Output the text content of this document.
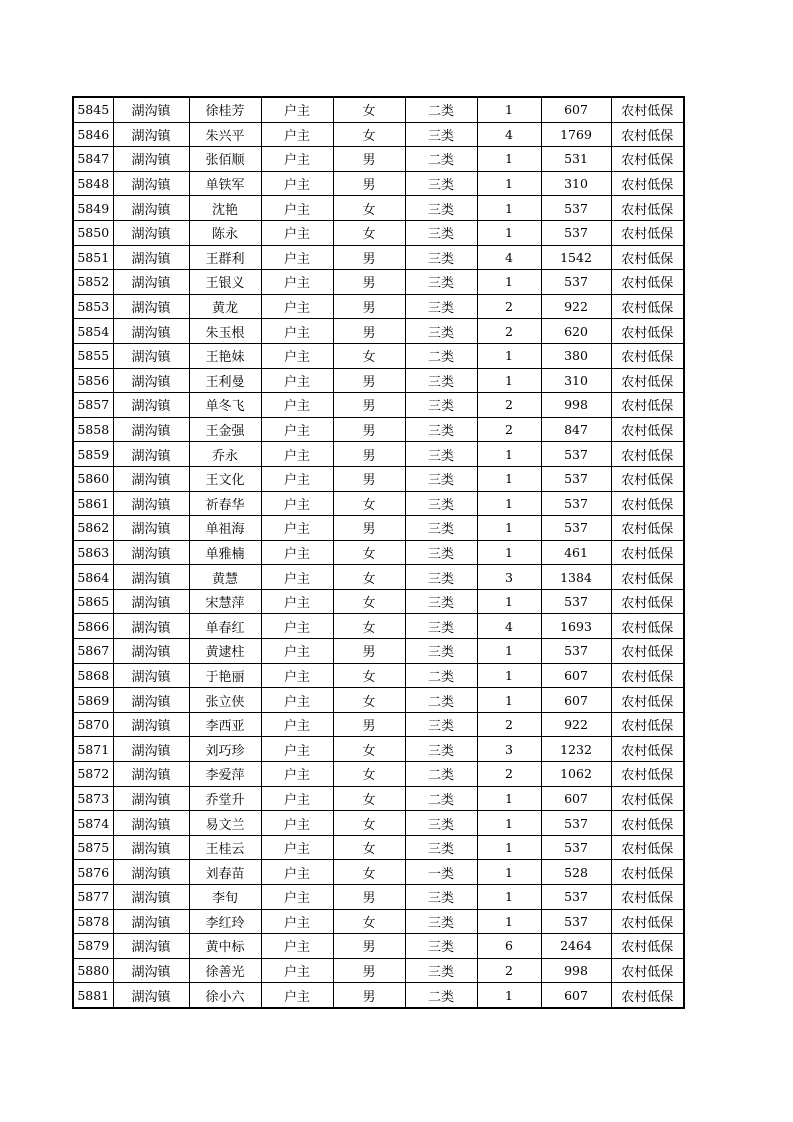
5845	湖沟镇	徐桂芳	户主	女	二类	1	607	农村低保
5846	湖沟镇	朱兴平	户主	女	三类	4	1769	农村低保
5847	湖沟镇	张佰顺	户主	男	二类	1	531	农村低保
5848	湖沟镇	单铁军	户主	男	三类	1	310	农村低保
5849	湖沟镇	沈艳	户主	女	三类	1	537	农村低保
5850	湖沟镇	陈永	户主	女	三类	1	537	农村低保
5851	湖沟镇	王群利	户主	男	三类	4	1542	农村低保
5852	湖沟镇	王银义	户主	男	三类	1	537	农村低保
5853	湖沟镇	黄龙	户主	男	三类	2	922	农村低保
5854	湖沟镇	朱玉根	户主	男	三类	2	620	农村低保
5855	湖沟镇	王艳妹	户主	女	二类	1	380	农村低保
5856	湖沟镇	王利曼	户主	男	三类	1	310	农村低保
5857	湖沟镇	单冬飞	户主	男	三类	2	998	农村低保
5858	湖沟镇	王金强	户主	男	三类	2	847	农村低保
5859	湖沟镇	乔永	户主	男	三类	1	537	农村低保
5860	湖沟镇	王文化	户主	男	三类	1	537	农村低保
5861	湖沟镇	祈春华	户主	女	三类	1	537	农村低保
5862	湖沟镇	单祖海	户主	男	三类	1	537	农村低保
5863	湖沟镇	单雅楠	户主	女	三类	1	461	农村低保
5864	湖沟镇	黄慧	户主	女	三类	3	1384	农村低保
5865	湖沟镇	宋慧萍	户主	女	三类	1	537	农村低保
5866	湖沟镇	单春红	户主	女	三类	4	1693	农村低保
5867	湖沟镇	黄逮柱	户主	男	三类	1	537	农村低保
5868	湖沟镇	于艳丽	户主	女	二类	1	607	农村低保
5869	湖沟镇	张立侠	户主	女	二类	1	607	农村低保
5870	湖沟镇	李西亚	户主	男	三类	2	922	农村低保
5871	湖沟镇	刘巧珍	户主	女	三类	3	1232	农村低保
5872	湖沟镇	李爱萍	户主	女	二类	2	1062	农村低保
5873	湖沟镇	乔堂升	户主	女	二类	1	607	农村低保
5874	湖沟镇	易文兰	户主	女	三类	1	537	农村低保
5875	湖沟镇	王桂云	户主	女	三类	1	537	农村低保
5876	湖沟镇	刘春苗	户主	女	一类	1	528	农村低保
5877	湖沟镇	李旬	户主	男	三类	1	537	农村低保
5878	湖沟镇	李红玲	户主	女	三类	1	537	农村低保
5879	湖沟镇	黄中标	户主	男	三类	6	2464	农村低保
5880	湖沟镇	徐善光	户主	男	三类	2	998	农村低保
5881	湖沟镇	徐小六	户主	男	二类	1	607	农村低保
